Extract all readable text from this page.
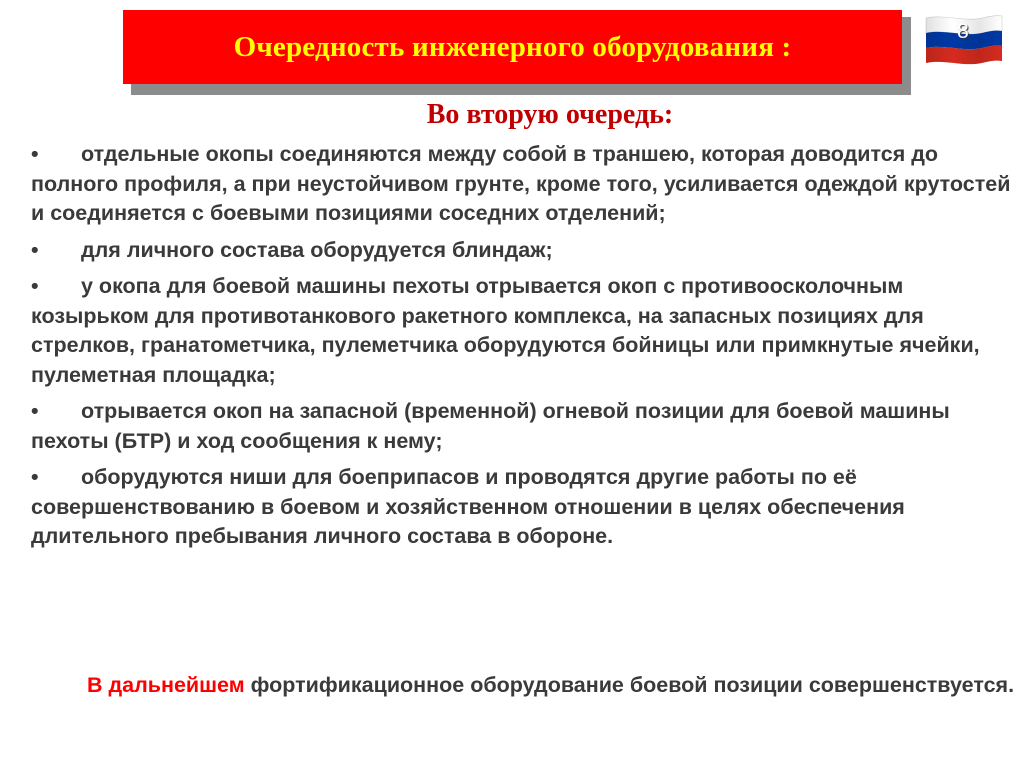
Очередность инженерного оборудования :	8
Во вторую очередь:
• отдельные окопы соединяются между собой в траншею, которая доводится до полного профиля, а при неустойчивом грунте, кроме того, усиливается одеждой крутостей и соединяется с боевыми позициями соседних отделений;
• для личного состава оборудуется блиндаж;
• у окопа для боевой машины пехоты отрывается окоп с противоосколочным козырьком для противотанкового ракетного комплекса, на запасных позициях для стрелков, гранатометчика, пулеметчика оборудуются бойницы или примкнутые ячейки, пулеметная площадка;
• отрывается окоп на запасной (временной) огневой позиции для боевой машины пехоты (БТР) и ход сообщения к нему;
• оборудуются ниши для боеприпасов и проводятся другие работы по её совершенствованию в боевом и хозяйственном отношении в целях обеспечения длительного пребывания личного состава в обороне.
В дальнейшем фортификационное оборудование боевой позиции совершенствуется.
